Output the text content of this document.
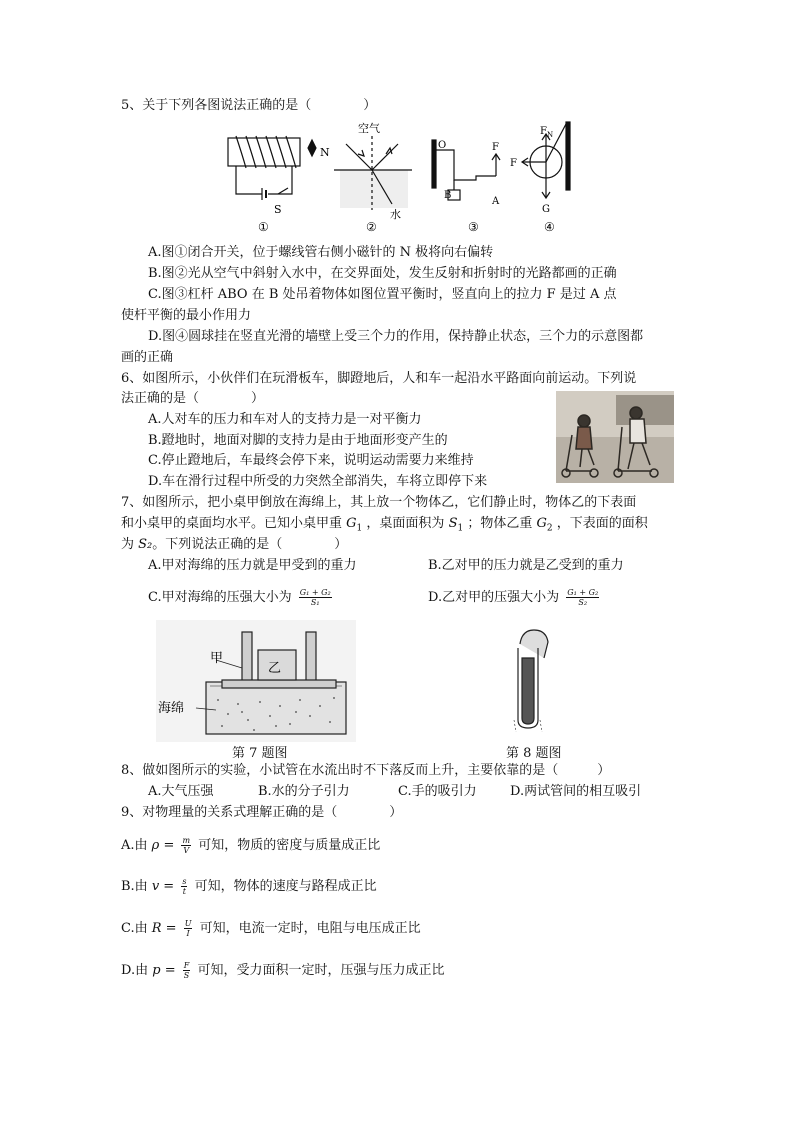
5、关于下列各图说法正确的是（　　　　）
N
S
①
空气
水
②
O
B
A
F
③
F
F N
G
④
A.图①闭合开关，位于螺线管右侧小磁针的 N 极将向右偏转
B.图②光从空气中斜射入水中，在交界面处，发生反射和折射时的光路都画的正确
C.图③杠杆 ABO 在 B 处吊着物体如图位置平衡时，竖直向上的拉力 F 是过 A 点
使杆平衡的最小作用力
D.图④圆球挂在竖直光滑的墙壁上受三个力的作用，保持静止状态，三个力的示意图都
画的正确
6、如图所示，小伙伴们在玩滑板车，脚蹬地后，人和车一起沿水平路面向前运动。下列说
法正确的是（　　　　）
A.人对车的压力和车对人的支持力是一对平衡力
B.蹬地时，地面对脚的支持力是由于地面形变产生的
C.停止蹬地后，车最终会停下来，说明运动需要力来维持
D.车在滑行过程中所受的力突然全部消失，车将立即停下来
7、如图所示，把小桌甲倒放在海绵上，其上放一个物体乙，它们静止时，物体乙的下表面
和小桌甲的桌面均水平。已知小桌甲重 $G_1$ ，桌面面积为 $S_1$ ；物体乙重 $G_2$ ，下表面的面积
为 S₂。下列说法正确的是（　　　　）
A.甲对海绵的压力就是甲受到的重力	B.乙对甲的压力就是乙受到的重力
C.甲对海绵的压强大小为 $\frac{\text{G₁ + G₂}}{\text{S₁}}$	D.乙对甲的压强大小为 $\frac{\text{G₁ + G₂}}{\text{S₂}}$
甲
乙
海绵
第 7 题图	第 8 题图
8、做如图所示的实验，小试管在水流出时不下落反而上升，主要依靠的是（　　　）
A.大气压强	B.水的分子引力	C.手的吸引力	D.两试管间的相互吸引
9、对物理量的关系式理解正确的是（　　　　）
A.由 $\rho = \frac{m}{V}$ 可知，物质的密度与质量成正比
B.由 $v = \frac{s}{t}$ 可知，物体的速度与路程成正比
C.由 $R = \frac{U}{I}$ 可知，电流一定时，电阻与电压成正比
D.由 $p = \frac{F}{S}$ 可知，受力面积一定时，压强与压力成正比
